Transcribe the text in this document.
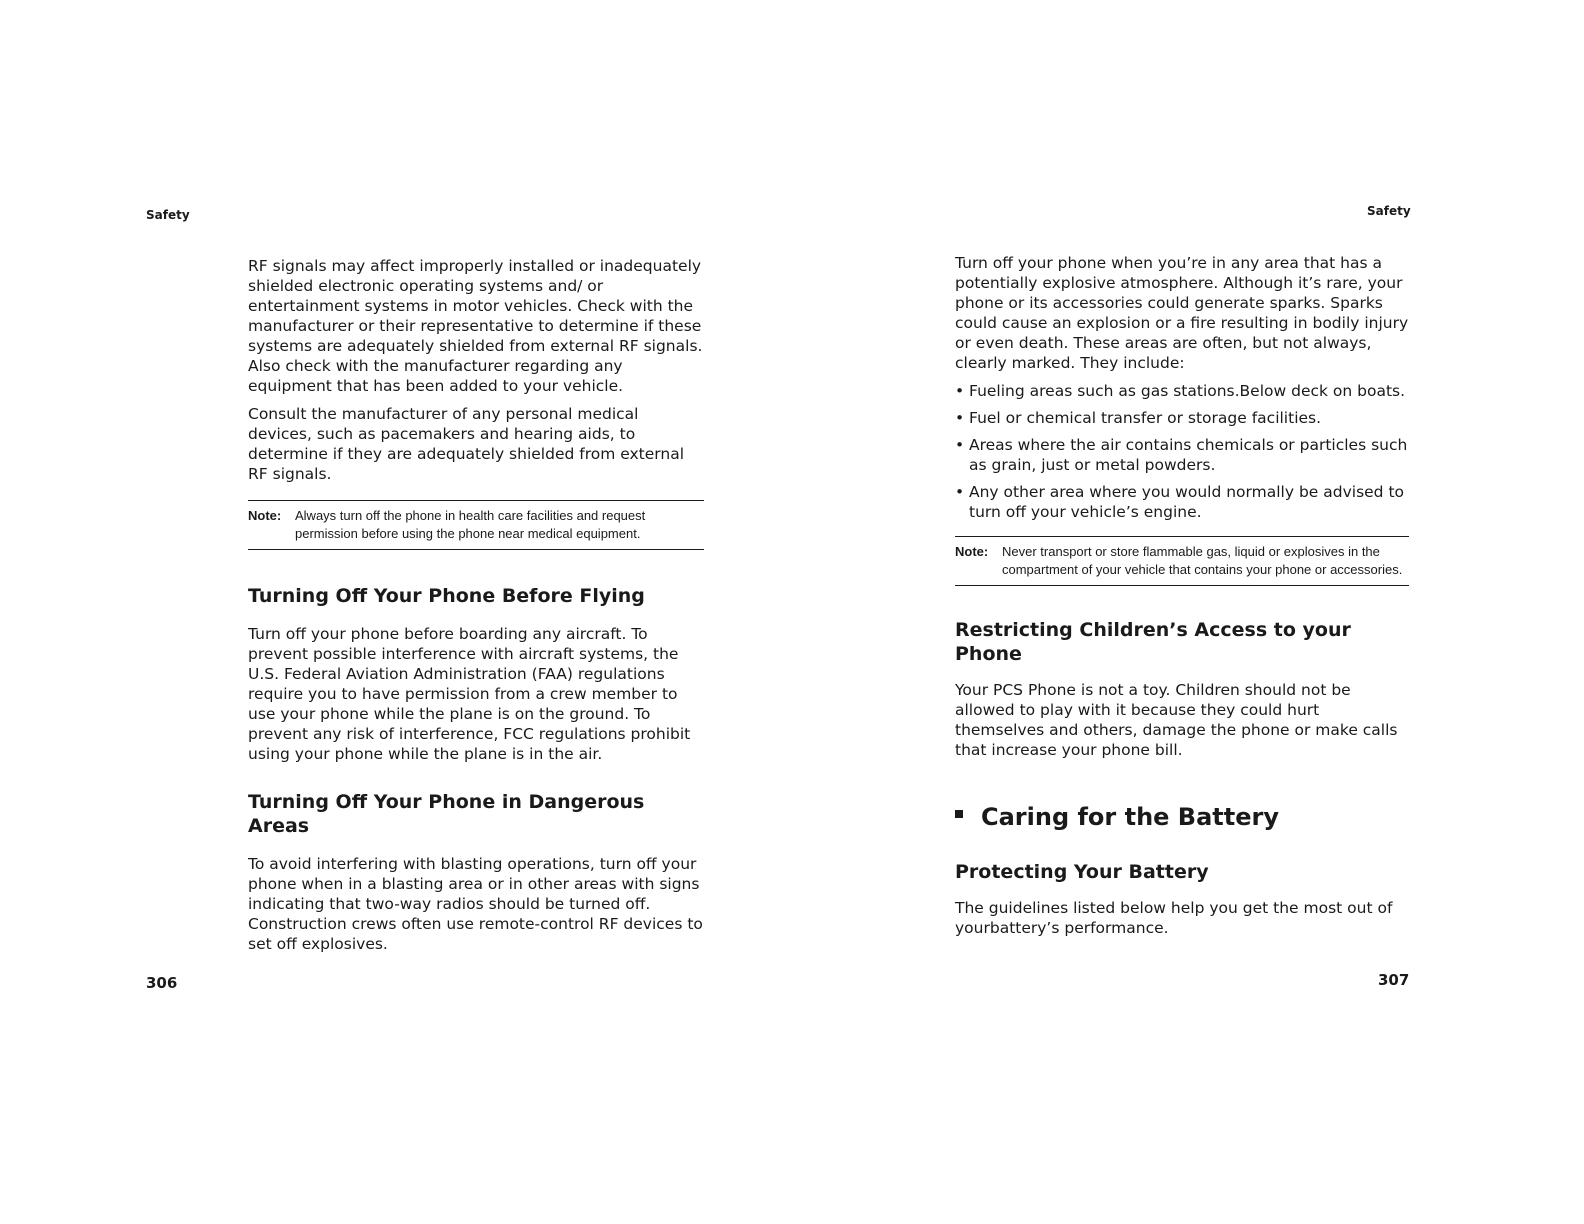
Safety

RF signals may affect improperly installed or inadequately shielded electronic operating systems and/ or entertainment systems in motor vehicles. Check with the manufacturer or their representative to determine if these systems are adequately shielded from external RF signals. Also check with the manufacturer regarding any equipment that has been added to your vehicle.

Consult the manufacturer of any personal medical devices, such as pacemakers and hearing aids, to determine if they are adequately shielded from external RF signals.

Note:	Always turn off the phone in health care facilities and request permission before using the phone near medical equipment.
Turning Off Your Phone Before Flying

Turn off your phone before boarding any aircraft. To prevent possible interference with aircraft systems, the U.S. Federal Aviation Administration (FAA) regulations require you to have permission from a crew member to use your phone while the plane is on the ground. To prevent any risk of interference, FCC regulations prohibit using your phone while the plane is in the air.

Turning Off Your Phone in Dangerous Areas

To avoid interfering with blasting operations, turn off your phone when in a blasting area or in other areas with signs indicating that two-way radios should be turned off. Construction crews often use remote-control RF devices to set off explosives.

306
Safety

Turn off your phone when you’re in any area that has a potentially explosive atmosphere. Although it’s rare, your phone or its accessories could generate sparks. Sparks could cause an explosion or a fire resulting in bodily injury or even death. These areas are often, but not always, clearly marked. They include:

• Fueling areas such as gas stations.Below deck on boats.
• Fuel or chemical transfer or storage facilities.
• Areas where the air contains chemicals or particles such as grain, just or metal powders.
• Any other area where you would normally be advised to turn off your vehicle’s engine.
Note:	Never transport or store flammable gas, liquid or explosives in the compartment of your vehicle that contains your phone or accessories.
Restricting Children’s Access to your Phone

Your PCS Phone is not a toy. Children should not be allowed to play with it because they could hurt themselves and others, damage the phone or make calls that increase your phone bill.

Caring for the Battery
Protecting Your Battery

The guidelines listed below help you get the most out of yourbattery’s performance.

307
